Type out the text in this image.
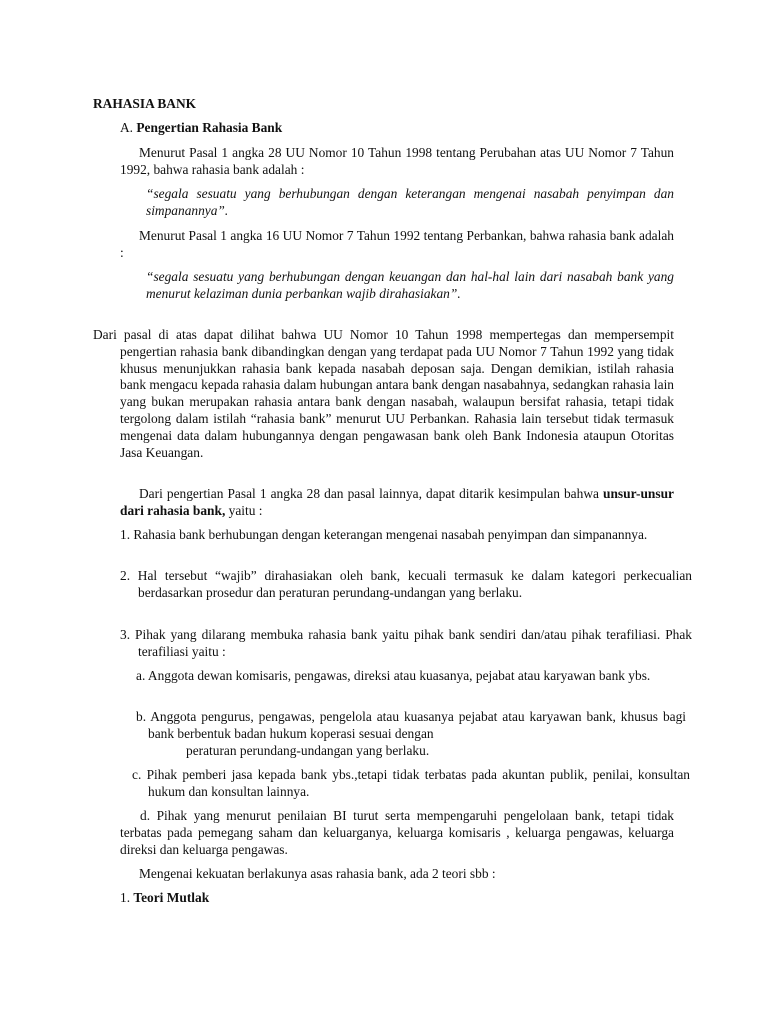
RAHASIA BANK
A. Pengertian Rahasia Bank
Menurut Pasal 1 angka 28 UU Nomor 10 Tahun 1998 tentang Perubahan atas UU Nomor 7 Tahun 1992, bahwa rahasia bank adalah :
“segala sesuatu yang berhubungan dengan keterangan mengenai nasabah penyimpan dan simpanannya”.
Menurut Pasal 1 angka 16 UU Nomor 7 Tahun 1992 tentang Perbankan, bahwa rahasia bank adalah :
“segala sesuatu yang berhubungan dengan keuangan dan hal-hal lain dari nasabah bank yang menurut kelaziman dunia perbankan wajib dirahasiakan”.
Dari pasal di atas dapat dilihat bahwa UU Nomor 10 Tahun 1998 mempertegas dan mempersempit pengertian rahasia bank dibandingkan dengan yang terdapat pada UU Nomor 7 Tahun 1992 yang tidak khusus menunjukkan rahasia bank kepada nasabah deposan saja. Dengan demikian, istilah rahasia bank mengacu kepada rahasia dalam hubungan antara bank dengan nasabahnya, sedangkan rahasia lain yang bukan merupakan rahasia antara bank dengan nasabah, walaupun bersifat rahasia, tetapi tidak tergolong dalam istilah “rahasia bank” menurut UU Perbankan. Rahasia lain tersebut tidak termasuk mengenai data dalam hubungannya dengan pengawasan bank oleh Bank Indonesia ataupun Otoritas Jasa Keuangan.
Dari pengertian Pasal 1 angka 28 dan pasal lainnya, dapat ditarik kesimpulan bahwa unsur-unsur dari rahasia bank, yaitu :
1. Rahasia bank berhubungan dengan keterangan mengenai nasabah penyimpan dan simpanannya.
2. Hal tersebut “wajib” dirahasiakan oleh bank, kecuali termasuk ke dalam kategori perkecualian berdasarkan prosedur dan peraturan perundang-undangan yang berlaku.
3. Pihak yang dilarang membuka rahasia bank yaitu pihak bank sendiri dan/atau pihak terafiliasi. Phak terafiliasi yaitu :
a. Anggota dewan komisaris, pengawas, direksi atau kuasanya, pejabat atau karyawan bank ybs.
b. Anggota pengurus, pengawas, pengelola atau kuasanya pejabat atau karyawan bank, khusus bagi bank berbentuk badan hukum koperasi sesuai dengan
peraturan perundang-undangan yang berlaku.
c. Pihak pemberi jasa kepada bank ybs.,tetapi tidak terbatas pada akuntan publik, penilai, konsultan hukum dan konsultan lainnya.
d. Pihak yang menurut penilaian BI turut serta mempengaruhi pengelolaan bank, tetapi tidak terbatas pada pemegang saham dan keluarganya, keluarga komisaris , keluarga pengawas, keluarga direksi dan keluarga pengawas.
Mengenai kekuatan berlakunya asas rahasia bank, ada 2 teori sbb :
1. Teori Mutlak
